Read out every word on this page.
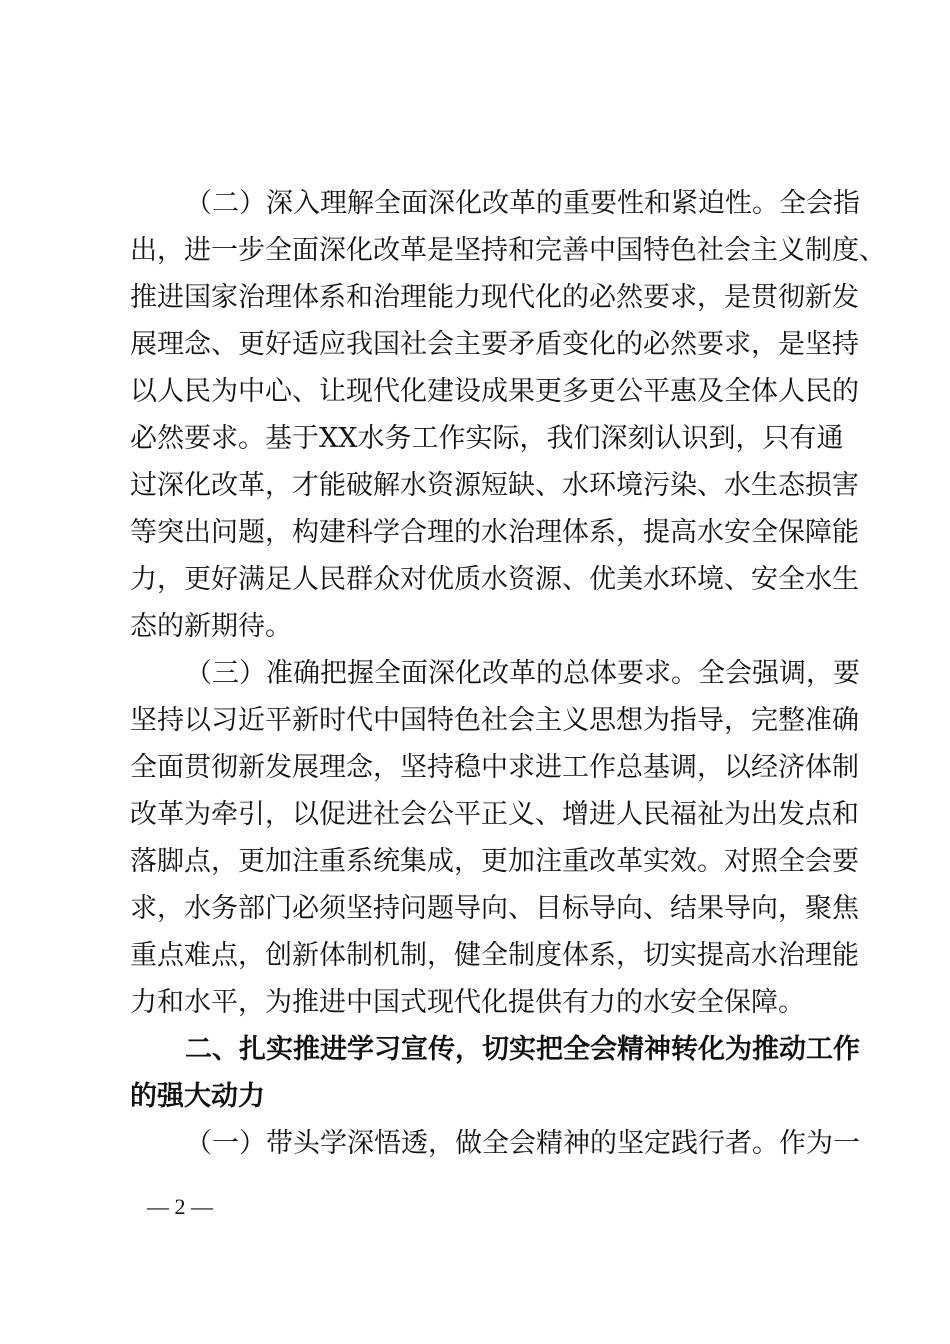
（二）深入理解全面深化改革的重要性和紧迫性。全会指
出，进一步全面深化改革是坚持和完善中国特色社会主义制度、
推进国家治理体系和治理能力现代化的必然要求，是贯彻新发
展理念、更好适应我国社会主要矛盾变化的必然要求，是坚持
以人民为中心、让现代化建设成果更多更公平惠及全体人民的
必然要求。基于XX水务工作实际，我们深刻认识到，只有通
过深化改革，才能破解水资源短缺、水环境污染、水生态损害
等突出问题，构建科学合理的水治理体系，提高水安全保障能
力，更好满足人民群众对优质水资源、优美水环境、安全水生
态的新期待。
（三）准确把握全面深化改革的总体要求。全会强调，要
坚持以习近平新时代中国特色社会主义思想为指导，完整准确
全面贯彻新发展理念，坚持稳中求进工作总基调，以经济体制
改革为牵引，以促进社会公平正义、增进人民福祉为出发点和
落脚点，更加注重系统集成，更加注重改革实效。对照全会要
求，水务部门必须坚持问题导向、目标导向、结果导向，聚焦
重点难点，创新体制机制，健全制度体系，切实提高水治理能
力和水平，为推进中国式现代化提供有力的水安全保障。
二、扎实推进学习宣传，切实把全会精神转化为推动工作
的强大动力
（一）带头学深悟透，做全会精神的坚定践行者。作为一
— 2 —
